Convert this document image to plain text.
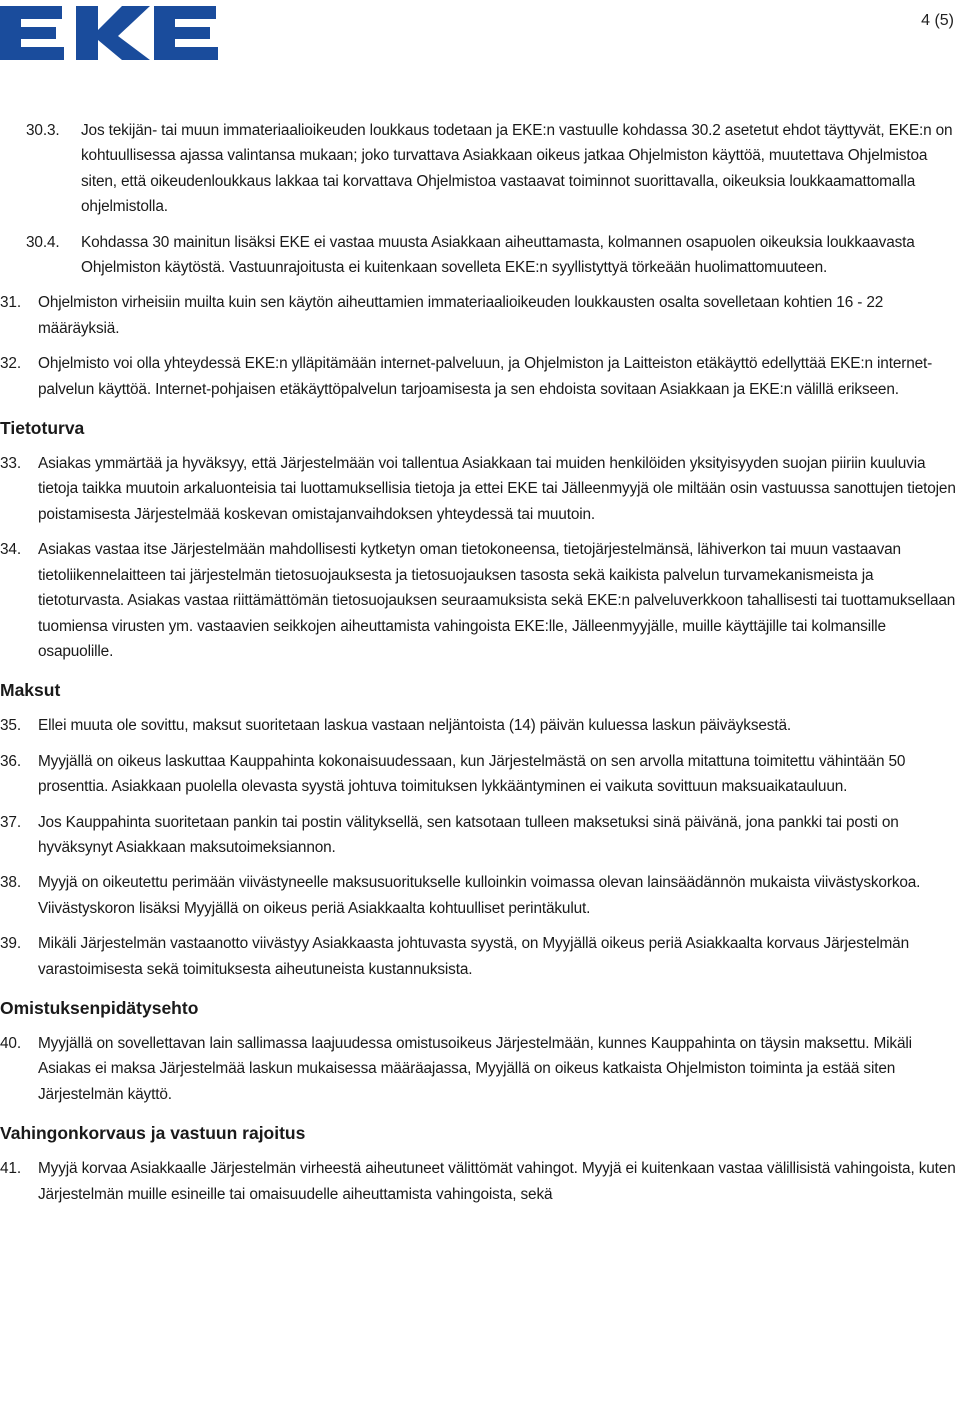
4 (5)
30.3. Jos tekijän- tai muun immateriaalioikeuden loukkaus todetaan ja EKE:n vastuulle kohdassa 30.2 asetetut ehdot täyttyvät, EKE:n on kohtuullisessa ajassa valintansa mukaan; joko turvattava Asiakkaan oikeus jatkaa Ohjelmiston käyttöä, muutettava Ohjelmistoa siten, että oikeudenloukkaus lakkaa tai korvattava Ohjelmistoa vastaavat toiminnot suorittavalla, oikeuksia loukkaamattomalla ohjelmistolla.
30.4. Kohdassa 30 mainitun lisäksi EKE ei vastaa muusta Asiakkaan aiheuttamasta, kolmannen osapuolen oikeuksia loukkaavasta Ohjelmiston käytöstä. Vastuunrajoitusta ei kuitenkaan sovelleta EKE:n syyllistyttyä törkeään huolimattomuuteen.
31. Ohjelmiston virheisiin muilta kuin sen käytön aiheuttamien immateriaalioikeuden loukkausten osalta sovelletaan kohtien 16 - 22 määräyksiä.
32. Ohjelmisto voi olla yhteydessä EKE:n ylläpitämään internet-palveluun, ja Ohjelmiston ja Laitteiston etäkäyttö edellyttää EKE:n internet-palvelun käyttöä. Internet-pohjaisen etäkäyttöpalvelun tarjoamisesta ja sen ehdoista sovitaan Asiakkaan ja EKE:n välillä erikseen.
Tietoturva
33. Asiakas ymmärtää ja hyväksyy, että Järjestelmään voi tallentua Asiakkaan tai muiden henkilöiden yksityisyyden suojan piiriin kuuluvia tietoja taikka muutoin arkaluonteisia tai luottamuksellisia tietoja ja ettei EKE tai Jälleenmyyjä ole miltään osin vastuussa sanottujen tietojen poistamisesta Järjestelmää koskevan omistajanvaihdoksen yhteydessä tai muutoin.
34. Asiakas vastaa itse Järjestelmään mahdollisesti kytketyn oman tietokoneensa, tietojärjestelmänsä, lähiverkon tai muun vastaavan tietoliikennelaitteen tai järjestelmän tietosuojauksesta ja tietosuojauksen tasosta sekä kaikista palvelun turvamekanismeista ja tietoturvasta. Asiakas vastaa riittämättömän tietosuojauksen seuraamuksista sekä EKE:n palveluverkkoon tahallisesti tai tuottamuksellaan tuomiensa virusten ym. vastaavien seikkojen aiheuttamista vahingoista EKE:lle, Jälleenmyyjälle, muille käyttäjille tai kolmansille osapuolille.
Maksut
35. Ellei muuta ole sovittu, maksut suoritetaan laskua vastaan neljäntoista (14) päivän kuluessa laskun päiväyksestä.
36. Myyjällä on oikeus laskuttaa Kauppahinta kokonaisuudessaan, kun Järjestelmästä on sen arvolla mitattuna toimitettu vähintään 50 prosenttia. Asiakkaan puolella olevasta syystä johtuva toimituksen lykkääntyminen ei vaikuta sovittuun maksuaikatauluun.
37. Jos Kauppahinta suoritetaan pankin tai postin välityksellä, sen katsotaan tulleen maksetuksi sinä päivänä, jona pankki tai posti on hyväksynyt Asiakkaan maksutoimeksiannon.
38. Myyjä on oikeutettu perimään viivästyneelle maksusuoritukselle kulloinkin voimassa olevan lainsäädännön mukaista viivästyskorkoa. Viivästyskoron lisäksi Myyjällä on oikeus periä Asiakkaalta kohtuulliset perintäkulut.
39. Mikäli Järjestelmän vastaanotto viivästyy Asiakkaasta johtuvasta syystä, on Myyjällä oikeus periä Asiakkaalta korvaus Järjestelmän varastoimisesta sekä toimituksesta aiheutuneista kustannuksista.
Omistuksenpidätysehto
40. Myyjällä on sovellettavan lain sallimassa laajuudessa omistusoikeus Järjestelmään, kunnes Kauppahinta on täysin maksettu. Mikäli Asiakas ei maksa Järjestelmää laskun mukaisessa määräajassa, Myyjällä on oikeus katkaista Ohjelmiston toiminta ja estää siten Järjestelmän käyttö.
Vahingonkorvaus ja vastuun rajoitus
41. Myyjä korvaa Asiakkaalle Järjestelmän virheestä aiheutuneet välittömät vahingot. Myyjä ei kuitenkaan vastaa välillisistä vahingoista, kuten Järjestelmän muille esineille tai omaisuudelle aiheuttamista vahingoista, sekä
